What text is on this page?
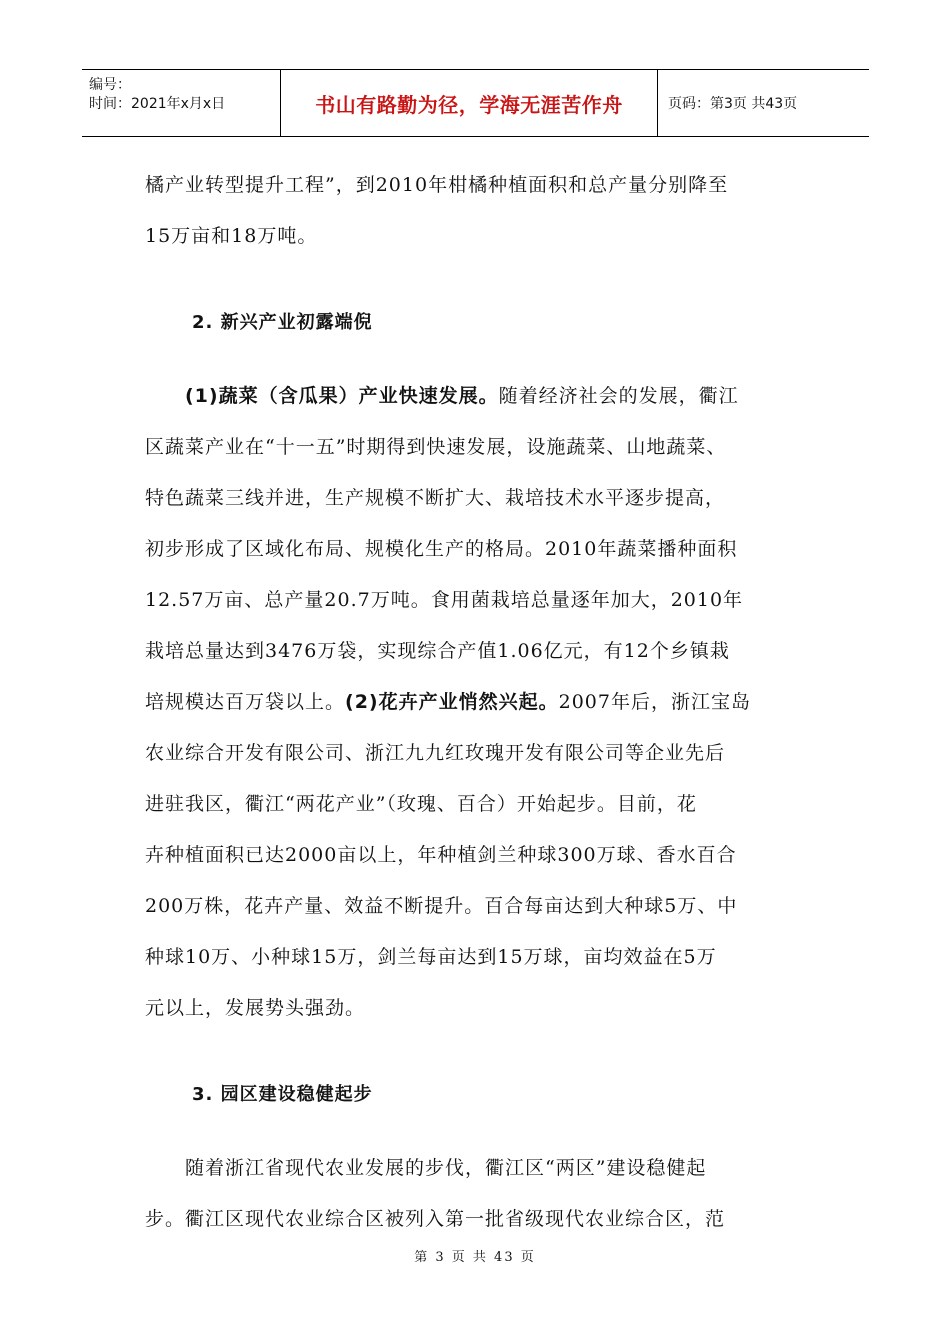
编号：
时间：2021年x月x日	书山有路勤为径，学海无涯苦作舟	页码：第3页 共43页

橘产业转型提升工程”，到2010年柑橘种植面积和总产量分别降至

15万亩和18万吨。

2. 新兴产业初露端倪

(1)蔬菜（含瓜果）产业快速发展。随着经济社会的发展，衢江

区蔬菜产业在“十一五”时期得到快速发展，设施蔬菜、山地蔬菜、

特色蔬菜三线并进，生产规模不断扩大、栽培技术水平逐步提高，

初步形成了区域化布局、规模化生产的格局。2010年蔬菜播种面积

12.57万亩、总产量20.7万吨。食用菌栽培总量逐年加大，2010年

栽培总量达到3476万袋，实现综合产值1.06亿元，有12个乡镇栽

培规模达百万袋以上。(2)花卉产业悄然兴起。2007年后，浙江宝岛

农业综合开发有限公司、浙江九九红玫瑰开发有限公司等企业先后

进驻我区，衢江“两花产业”（玫瑰、百合）开始起步。目前，花

卉种植面积已达2000亩以上，年种植剑兰种球300万球、香水百合

200万株，花卉产量、效益不断提升。百合每亩达到大种球5万、中

种球10万、小种球15万，剑兰每亩达到15万球，亩均效益在5万

元以上，发展势头强劲。

3. 园区建设稳健起步

随着浙江省现代农业发展的步伐，衢江区“两区”建设稳健起

步。衢江区现代农业综合区被列入第一批省级现代农业综合区，范

第 3 页 共 43 页
